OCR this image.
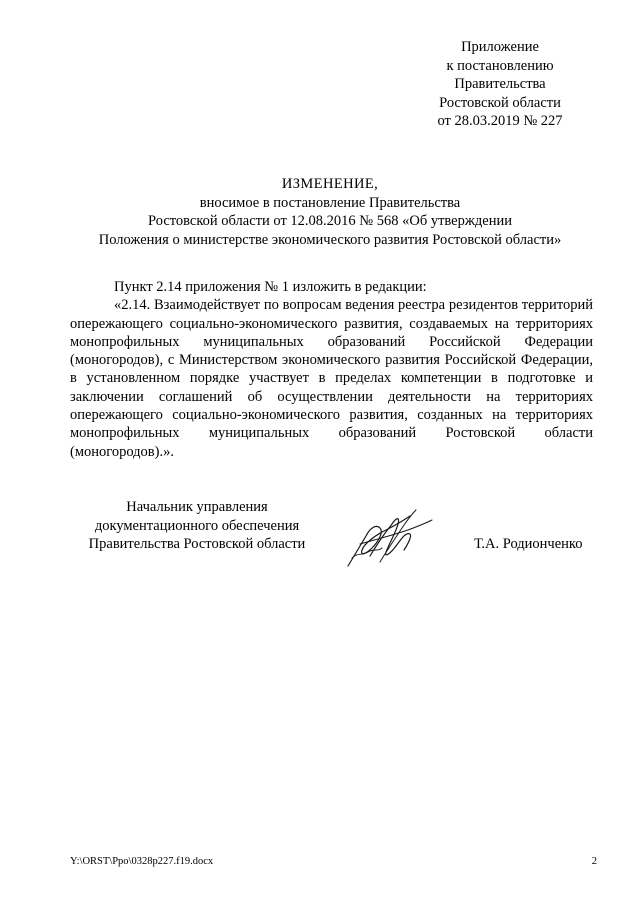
Приложение
к постановлению
Правительства
Ростовской области
от 28.03.2019 № 227
ИЗМЕНЕНИЕ,
вносимое в постановление Правительства
Ростовской области от 12.08.2016 № 568 «Об утверждении
Положения о министерстве экономического развития Ростовской области»

Пункт 2.14 приложения № 1 изложить в редакции:

«2.14. Взаимодействует по вопросам ведения реестра резидентов территорий опережающего социально-экономического развития, создаваемых на территориях монопрофильных муниципальных образований Российской Федерации (моногородов), с Министерством экономического развития Российской Федерации, в установленном порядке участвует в пределах компетенции в подготовке и заключении соглашений об осуществлении деятельности на территориях опережающего социально-экономического развития, созданных на территориях монопрофильных муниципальных образований Ростовской области (моногородов).».

Начальник управления
документационного обеспечения
Правительства Ростовской области	Т.А. Родионченко
Y:\ORST\Ppo\0328p227.f19.docx	2
